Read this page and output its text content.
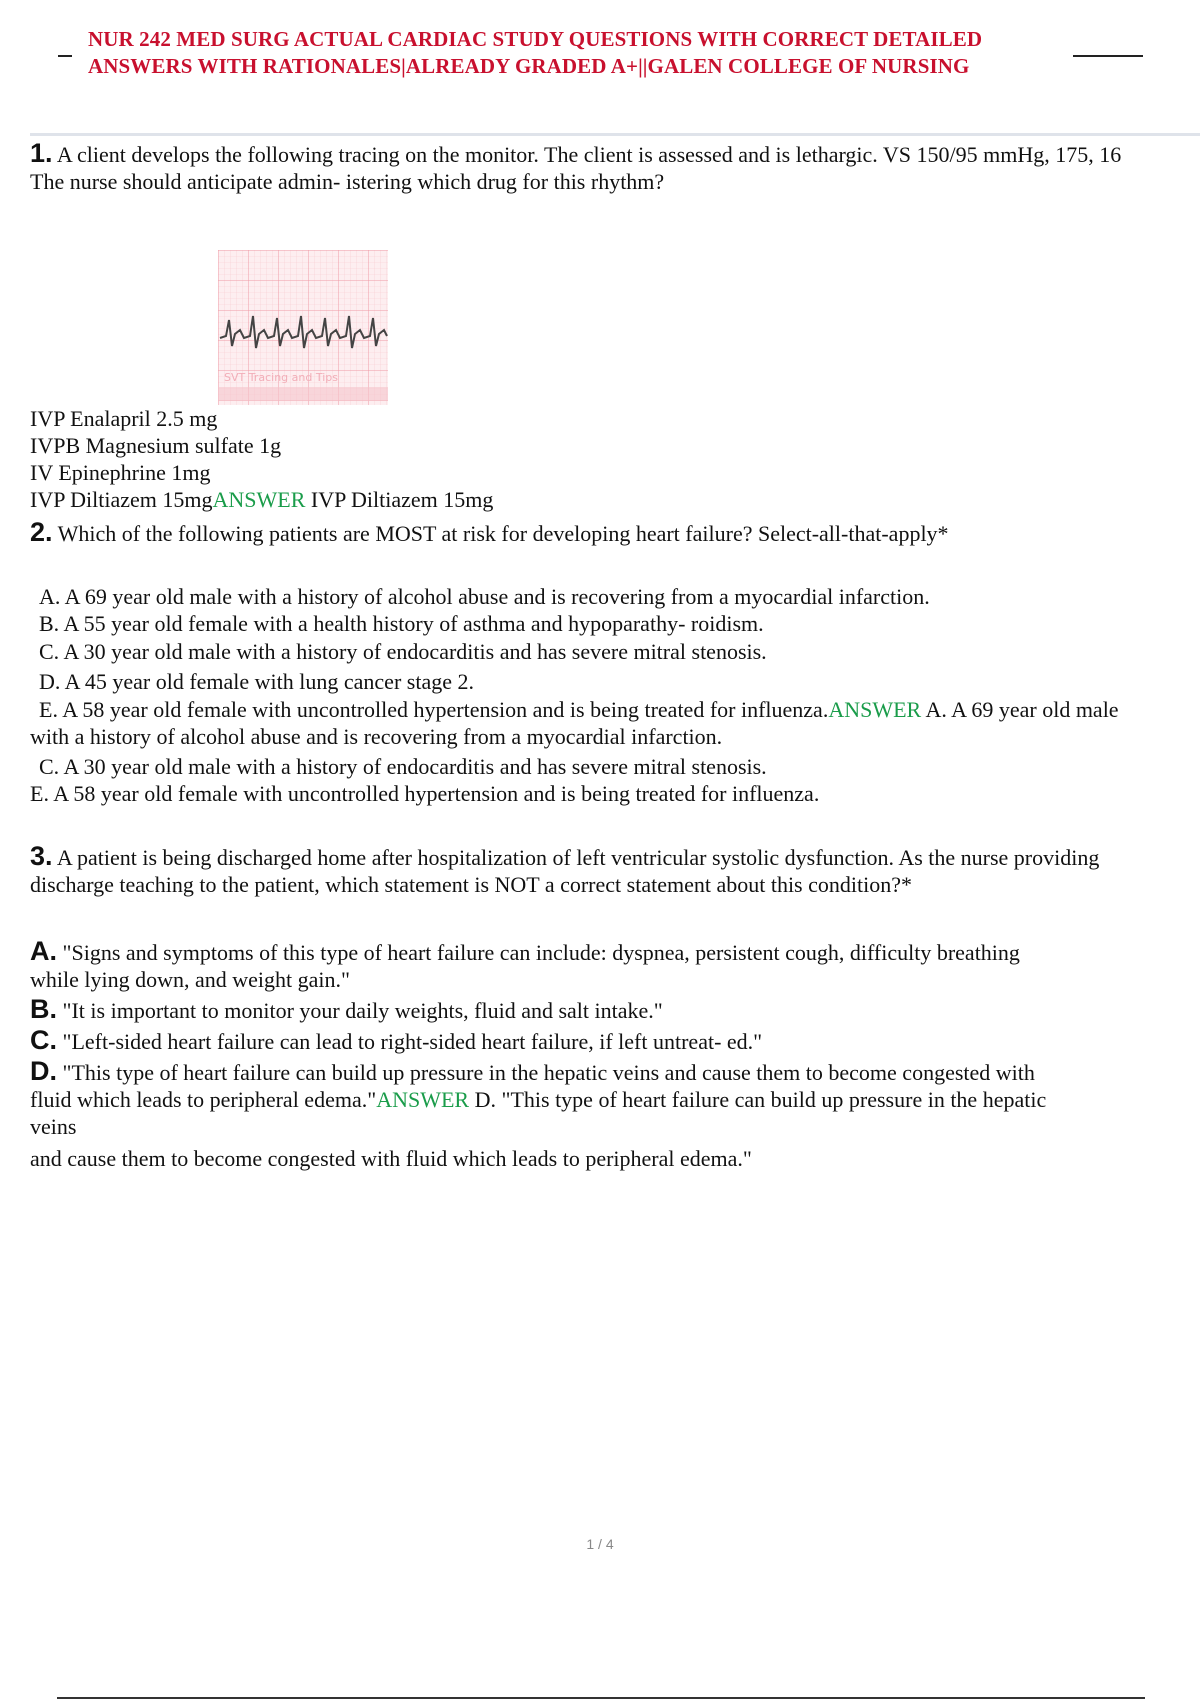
NUR 242 MED SURG ACTUAL CARDIAC STUDY QUESTIONS WITH CORRECT DETAILED
ANSWERS WITH RATIONALES|ALREADY GRADED A+||GALEN COLLEGE OF NURSING

1. A client develops the following tracing on the monitor. The client is assessed and is lethargic. VS 150/95 mmHg, 175, 16

The nurse should anticipate admin- istering which drug for this rhythm?

SVT Tracing and Tips

IVP Enalapril 2.5 mg

IVPB Magnesium sulfate 1g

IV Epinephrine 1mg

IVP Diltiazem 15mgANSWER IVP Diltiazem 15mg

2. Which of the following patients are MOST at risk for developing heart failure? Select-all-that-apply*

A. A 69 year old male with a history of alcohol abuse and is recovering from a myocardial infarction.

B. A 55 year old female with a health history of asthma and hypoparathy- roidism.

C. A 30 year old male with a history of endocarditis and has severe mitral stenosis.

D. A 45 year old female with lung cancer stage 2.

E. A 58 year old female with uncontrolled hypertension and is being treated for influenza.ANSWER A. A 69 year old male

with a history of alcohol abuse and is recovering from a myocardial infarction.

C. A 30 year old male with a history of endocarditis and has severe mitral stenosis.

E. A 58 year old female with uncontrolled hypertension and is being treated for influenza.

3. A patient is being discharged home after hospitalization of left ventricular systolic dysfunction. As the nurse providing

discharge teaching to the patient, which statement is NOT a correct statement about this condition?*

A. "Signs and symptoms of this type of heart failure can include: dyspnea, persistent cough, difficulty breathing

while lying down, and weight gain."

B. "It is important to monitor your daily weights, fluid and salt intake."

C. "Left-sided heart failure can lead to right-sided heart failure, if left untreat- ed."

D. "This type of heart failure can build up pressure in the hepatic veins and cause them to become congested with

fluid which leads to peripheral edema."ANSWER D. "This type of heart failure can build up pressure in the hepatic

veins

and cause them to become congested with fluid which leads to peripheral edema."

1 / 4
